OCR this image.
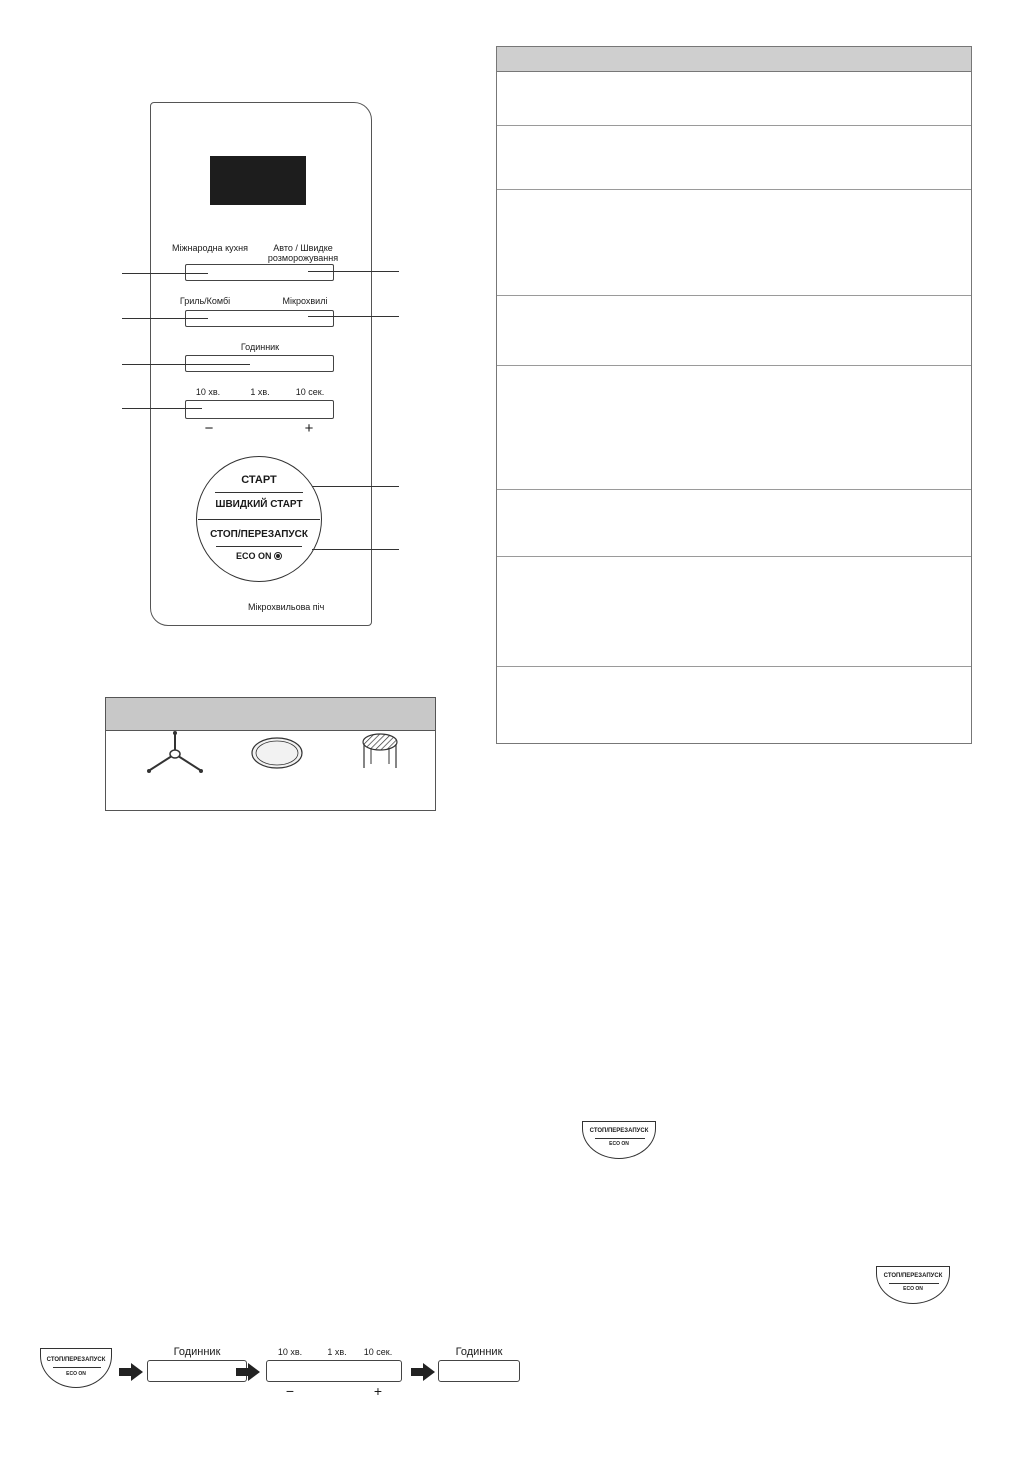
Міжнародна кухня	Авто / Швидке розморожування
Гриль/Комбі	Мікрохвилі
Годинник
10 хв.	1 хв.	10 сек.
−	+
СТАРТ
ШВИДКИЙ СТАРТ
СТОП/ПЕРЕЗАПУСК
ECO ON
Мікрохвильова піч
СТОП/ПЕРЕЗАПУСК
ECO ON
СТОП/ПЕРЕЗАПУСК
ECO ON
СТОП/ПЕРЕЗАПУСК
ECO ON
Годинник	10 хв.	1 хв.	10 сек.
−	+
Годинник
